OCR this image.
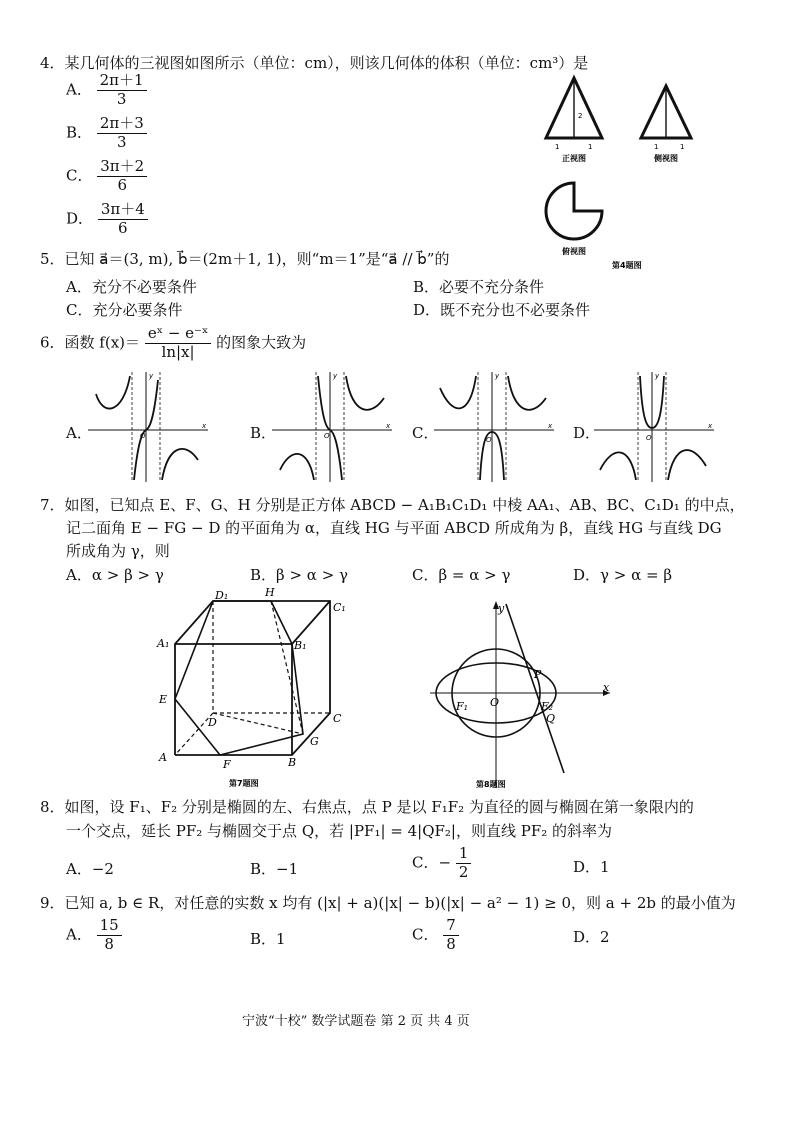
4．某几何体的三视图如图所示（单位：cm），则该几何体的体积（单位：cm³）是
A． $\frac{2\pi+1}{3}$
B． $\frac{2\pi+3}{3}$
C． $\frac{3\pi+2}{6}$
D． $\frac{3\pi+4}{6}$
2
1	1
正视图
1	1
侧视图
俯视图
第4题图
5．已知 a⃗＝(3, m), b⃗＝(2m＋1, 1)，则“m＝1”是“a⃗ // b⃗”的
A．充分不必要条件	B．必要不充分条件
C．充分必要条件	D．既不充分也不必要条件
6．函数 $f(x)= \frac{\text{eˣ − e⁻ˣ}}{\ln|x|}$ 的图象大致为
A．	B．	C．	D．
O
y
x
O
y
x
O
y
x
O
y
x
7．如图，已知点 E、F、G、H 分别是正方体 ABCD − A₁B₁C₁D₁ 中棱 AA₁、AB、BC、C₁D₁ 的中点，
记二面角 E − FG − D 的平面角为 α，直线 HG 与平面 ABCD 所成角为 β，直线 HG 与直线 DG
所成角为 γ，则
A．α > β > γ	B．β > α > γ	C．β = α > γ	D．γ > α = β
D₁	H
C₁
A₁	B₁
E
D	C
G
A
F	B
第7题图
y
x
P
O
F₁	F₂
Q
第8题图
8．如图，设 F₁、F₂ 分别是椭圆的左、右焦点，点 P 是以 F₁F₂ 为直径的圆与椭圆在第一象限内的
一个交点，延长 PF₂ 与椭圆交于点 Q，若 |PF₁| = 4|QF₂|，则直线 PF₂ 的斜率为
A．−2	B．−1	C．− $\frac{1}{2}$	D．1
9．已知 a, b ∈ R，对任意的实数 x 均有 (|x| + a)(|x| − b)(|x| − a² − 1) ≥ 0，则 a + 2b 的最小值为
A． $\frac{15}{8}$	B．1	C． $\frac{7}{8}$	D．2
宁波“十校” 数学试题卷 第 2 页 共 4 页
